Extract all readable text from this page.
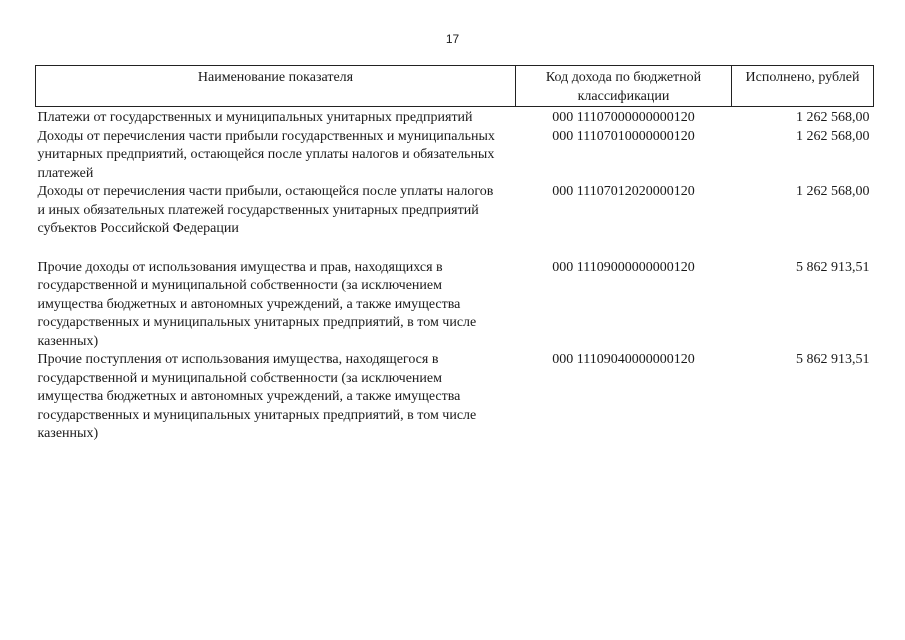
17
Наименование показателя	Код дохода по бюджетной классификации	Исполнено, рублей

Платежи от государственных и муниципальных унитарных предприятий	000 11107000000000120	1 262 568,00
Доходы от перечисления части прибыли государственных и муниципальных унитарных предприятий, остающейся после уплаты налогов и обязательных платежей	000 11107010000000120	1 262 568,00
Доходы от перечисления части прибыли, остающейся после уплаты налогов и иных обязательных платежей государственных унитарных предприятий субъектов Российской Федерации	000 11107012020000120	1 262 568,00

Прочие доходы от использования имущества и прав, находящихся в государственной и муниципальной собственности (за исключением имущества бюджетных и автономных учреждений, а также имущества государственных и муниципальных унитарных предприятий, в том числе казенных)	000 11109000000000120	5 862 913,51
Прочие поступления от использования имущества, находящегося в государственной и муниципальной собственности (за исключением имущества бюджетных и автономных учреждений, а также имущества государственных и муниципальных унитарных предприятий, в том числе казенных)	000 11109040000000120	5 862 913,51
